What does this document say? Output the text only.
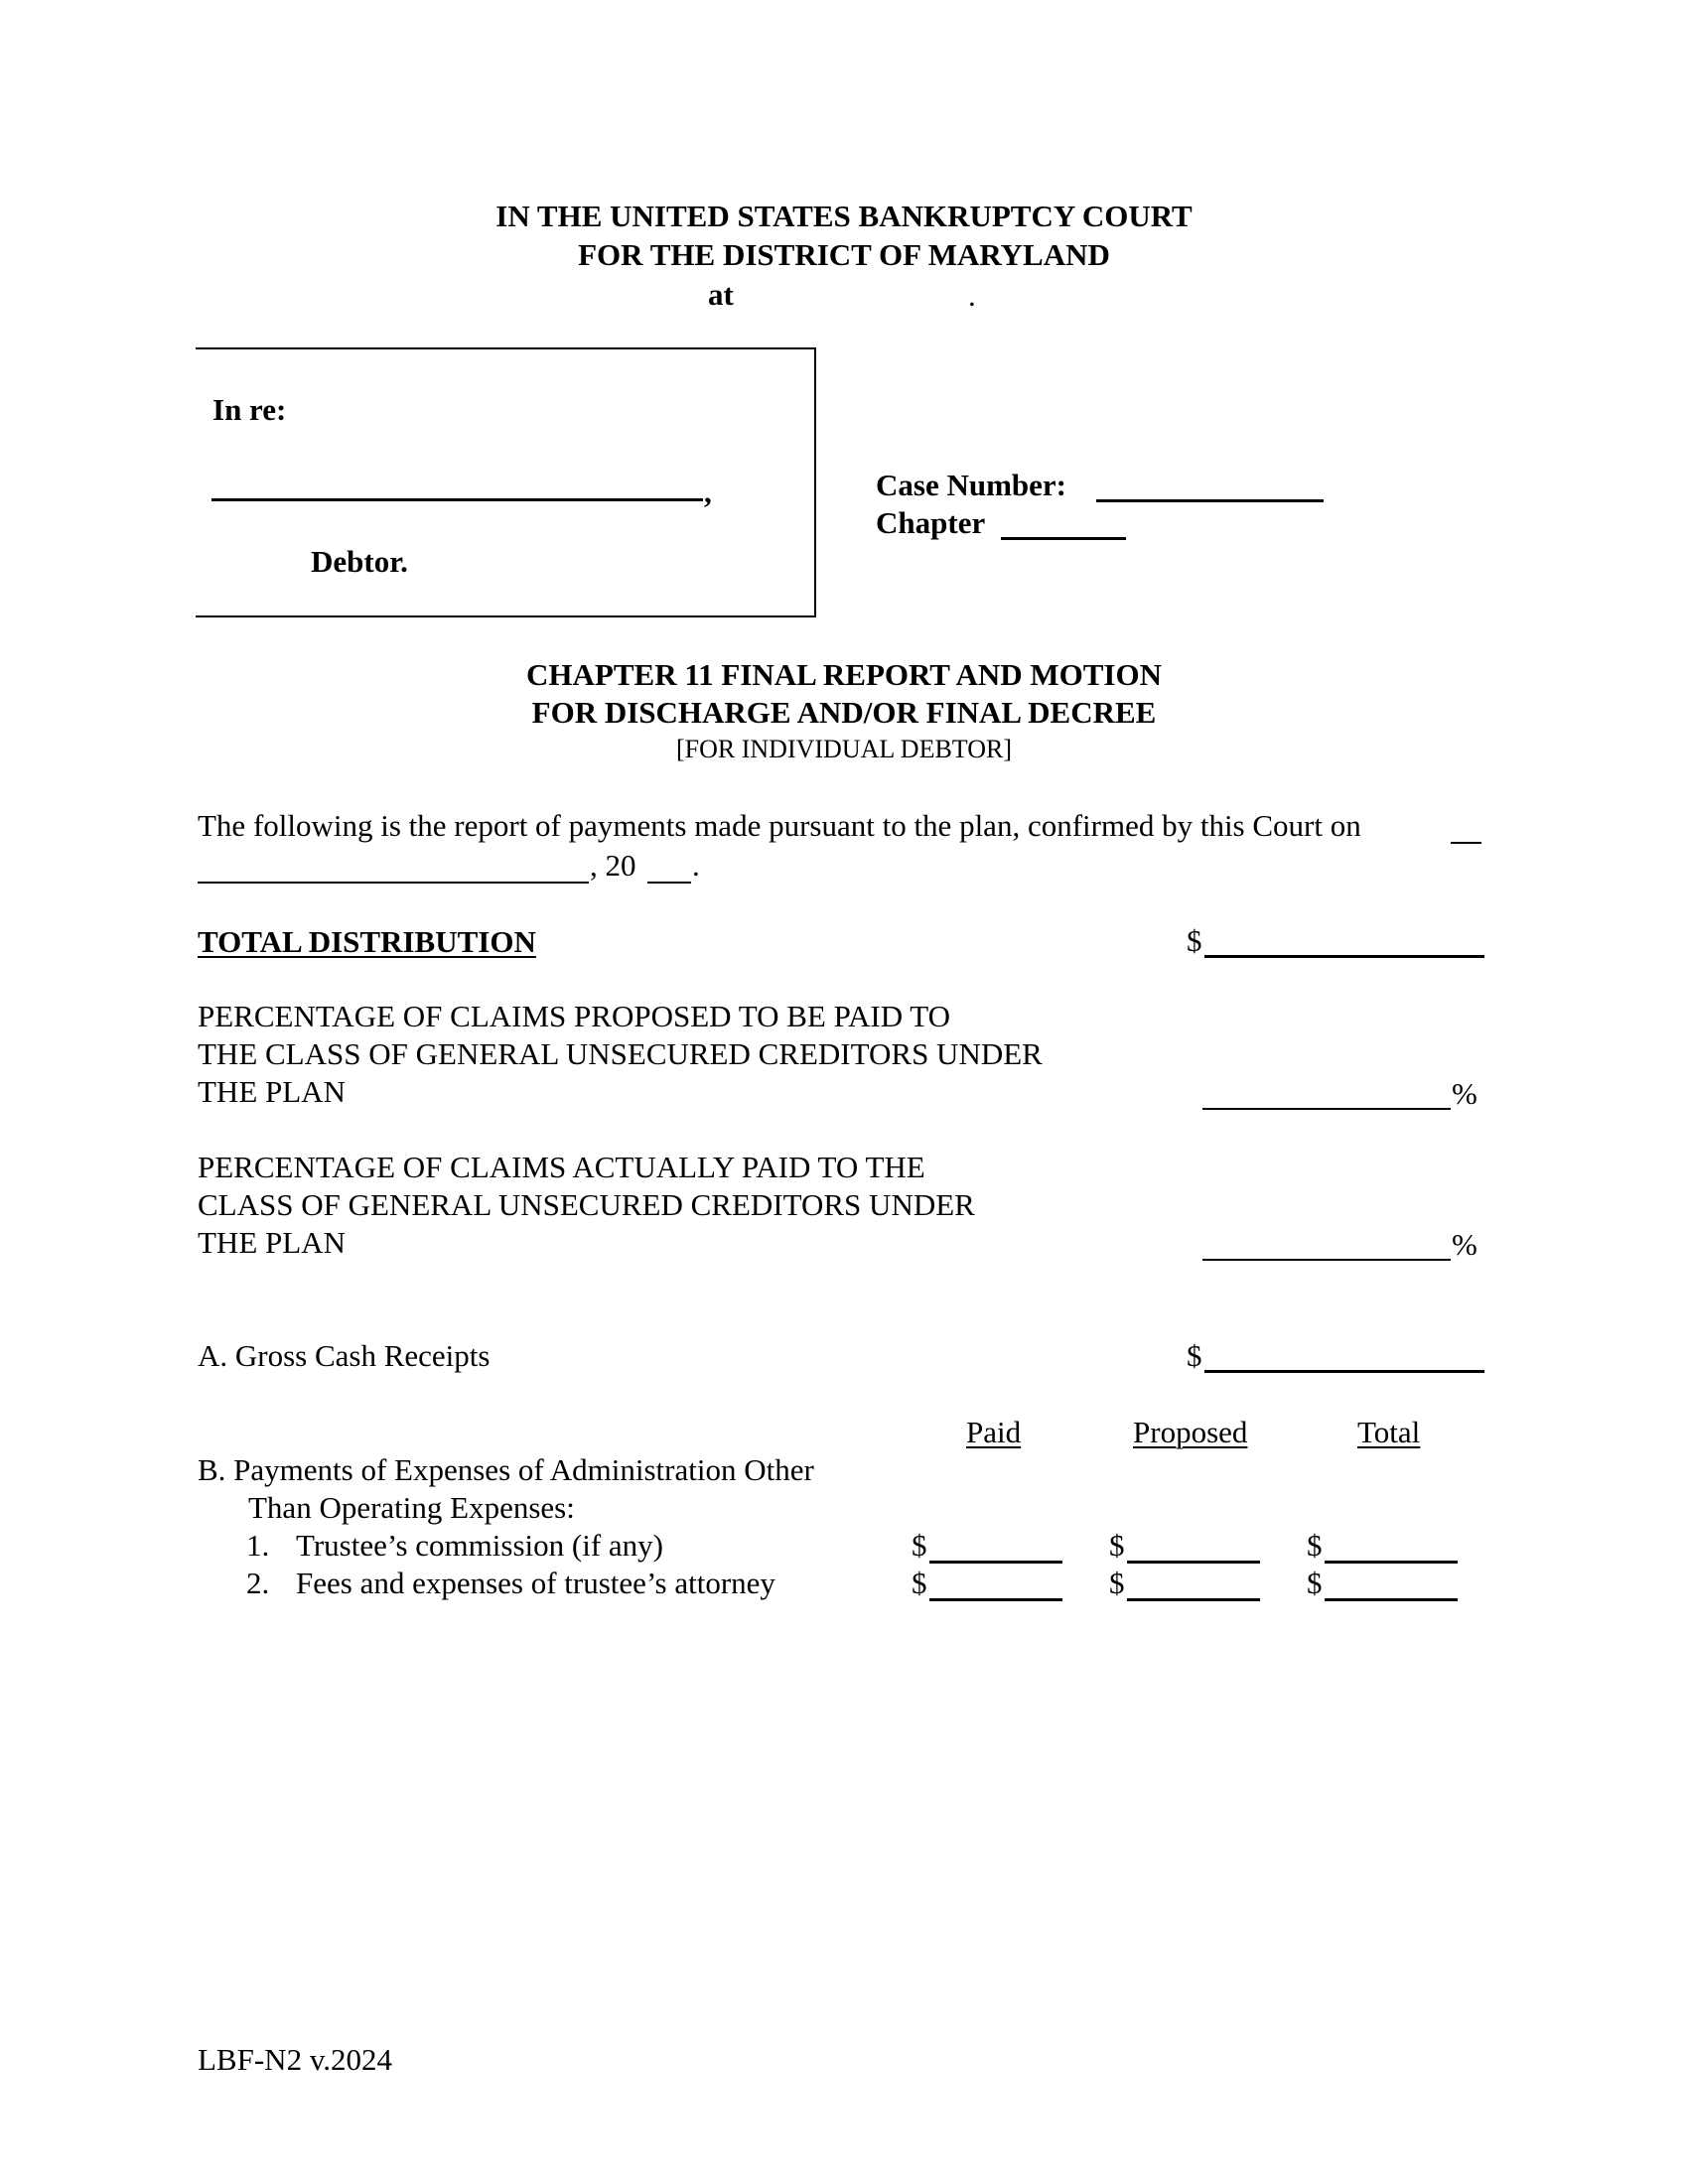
IN THE UNITED STATES BANKRUPTCY COURT
FOR THE DISTRICT OF MARYLAND
at	.
In re:
,
Debtor.
Case Number:
Chapter
CHAPTER 11 FINAL REPORT AND MOTION
FOR DISCHARGE AND/OR FINAL DECREE
[FOR INDIVIDUAL DEBTOR]
The following is the report of payments made pursuant to the plan, confirmed by this Court on
, 20 .
TOTAL DISTRIBUTION	$
PERCENTAGE OF CLAIMS PROPOSED TO BE PAID TO
THE CLASS OF GENERAL UNSECURED CREDITORS UNDER
THE PLAN	%
PERCENTAGE OF CLAIMS ACTUALLY PAID TO THE
CLASS OF GENERAL UNSECURED CREDITORS UNDER
THE PLAN	%
A. Gross Cash Receipts	$
Paid	Proposed	Total
B. Payments of Expenses of Administration Other
Than Operating Expenses:
1. Trustee’s commission (if any)	$	$	$
2. Fees and expenses of trustee’s attorney	$	$	$
LBF-N2 v.2024
